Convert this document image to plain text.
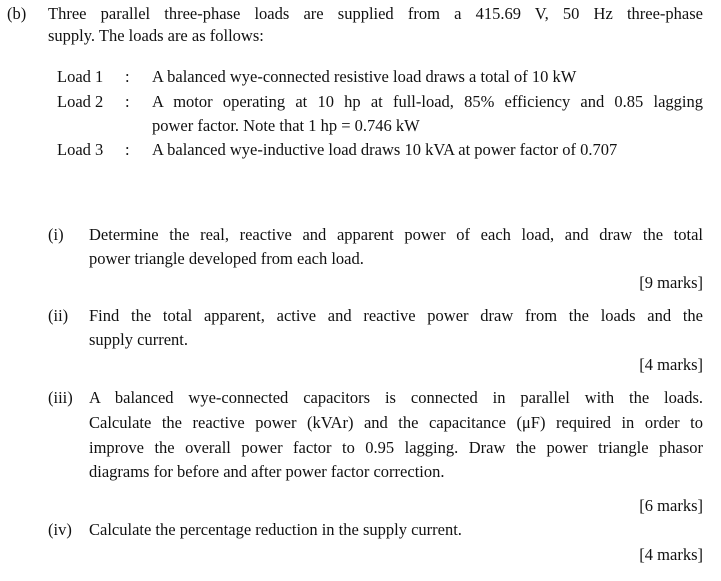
(b) Three parallel three-phase loads are supplied from a 415.69 V, 50 Hz three-phase
supply. The loads are as follows:
Load 1 : A balanced wye-connected resistive load draws a total of 10 kW
Load 2 : A motor operating at 10 hp at full-load, 85% efficiency and 0.85 lagging
power factor. Note that 1 hp = 0.746 kW
Load 3 : A balanced wye-inductive load draws 10 kVA at power factor of 0.707
(i) Determine the real, reactive and apparent power of each load, and draw the total
power triangle developed from each load.
[9 marks]
(ii) Find the total apparent, active and reactive power draw from the loads and the
supply current.
[4 marks]
(iii) A balanced wye-connected capacitors is connected in parallel with the loads.
Calculate the reactive power (kVAr) and the capacitance (μF) required in order to
improve the overall power factor to 0.95 lagging. Draw the power triangle phasor
diagrams for before and after power factor correction.
[6 marks]
(iv) Calculate the percentage reduction in the supply current.
[4 marks]
